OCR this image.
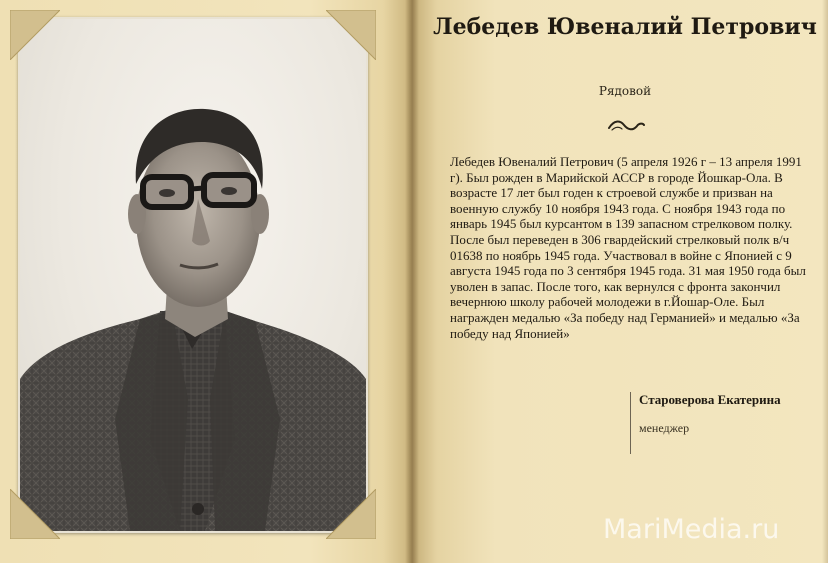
Лебедев Ювеналий Петрович
Рядовой

Лебедев Ювеналий Петрович (5 апреля 1926 г – 13 апреля 1991 г). Был рожден в Марийской АССР в городе Йошкар-Ола. В возрасте 17 лет был годен к строевой службе и призван на военную службу 10 ноября 1943 года. С ноября 1943 года по январь 1945 был курсантом в 139 запасном стрелковом полку. После был переведен в 306 гвардейский стрелковый полк в/ч 01638 по ноябрь 1945 года. Участвовал в войне с Японией с 9 августа 1945 года по 3 сентября 1945 года. 31 мая 1950 года был уволен в запас. После того, как вернулся с фронта закончил вечернюю школу рабочей молодежи в г.Йошар-Оле. Был награжден медалью «За победу над Германией» и медалью «За победу над Японией»

Староверова Екатерина
менеджер
MariMedia.ru
